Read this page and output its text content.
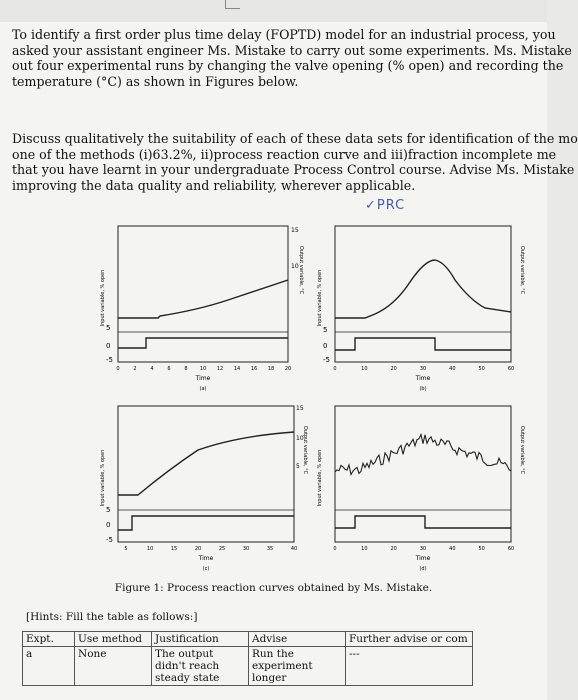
To identify a first order plus time delay (FOPTD) model for an industrial process, you
asked your assistant engineer Ms. Mistake to carry out some experiments. Ms. Mistake
out four experimental runs by changing the valve opening (% open) and recording the
temperature (°C) as shown in Figures below.
Discuss qualitatively the suitability of each of these data sets for identification of the mo
one of the methods (i)63.2%, ii)process reaction curve and iii)fraction incomplete me
that you have learnt in your undergraduate Process Control course. Advise Ms. Mistake
improving the data quality and reliability, wherever applicable.
✓PRC
5
0
-5
15
10
0	2	4	6	8 10 12 14 16 18 20
Time
(a)
Input variable, % open	Output variable, °C
5
0
-5
0	10	20	30	40	50	60
Time
(b)
Input variable, % open	Output variable, °C
5
0
-5
15
10
5
5	10	15	20	25	30	35	40
Time
(c)
Input variable, % open	Output variable, °C
0	10	20	30	40	50	60
Time
(d)
Input variable, % open	Output variable, °C
Figure 1: Process reaction curves obtained by Ms. Mistake.
[Hints: Fill the table as follows:]
Expt.	Use method	Justification	Advise	Further advise or com
a	None	The output didn't reach steady state	Run the experiment longer	---
